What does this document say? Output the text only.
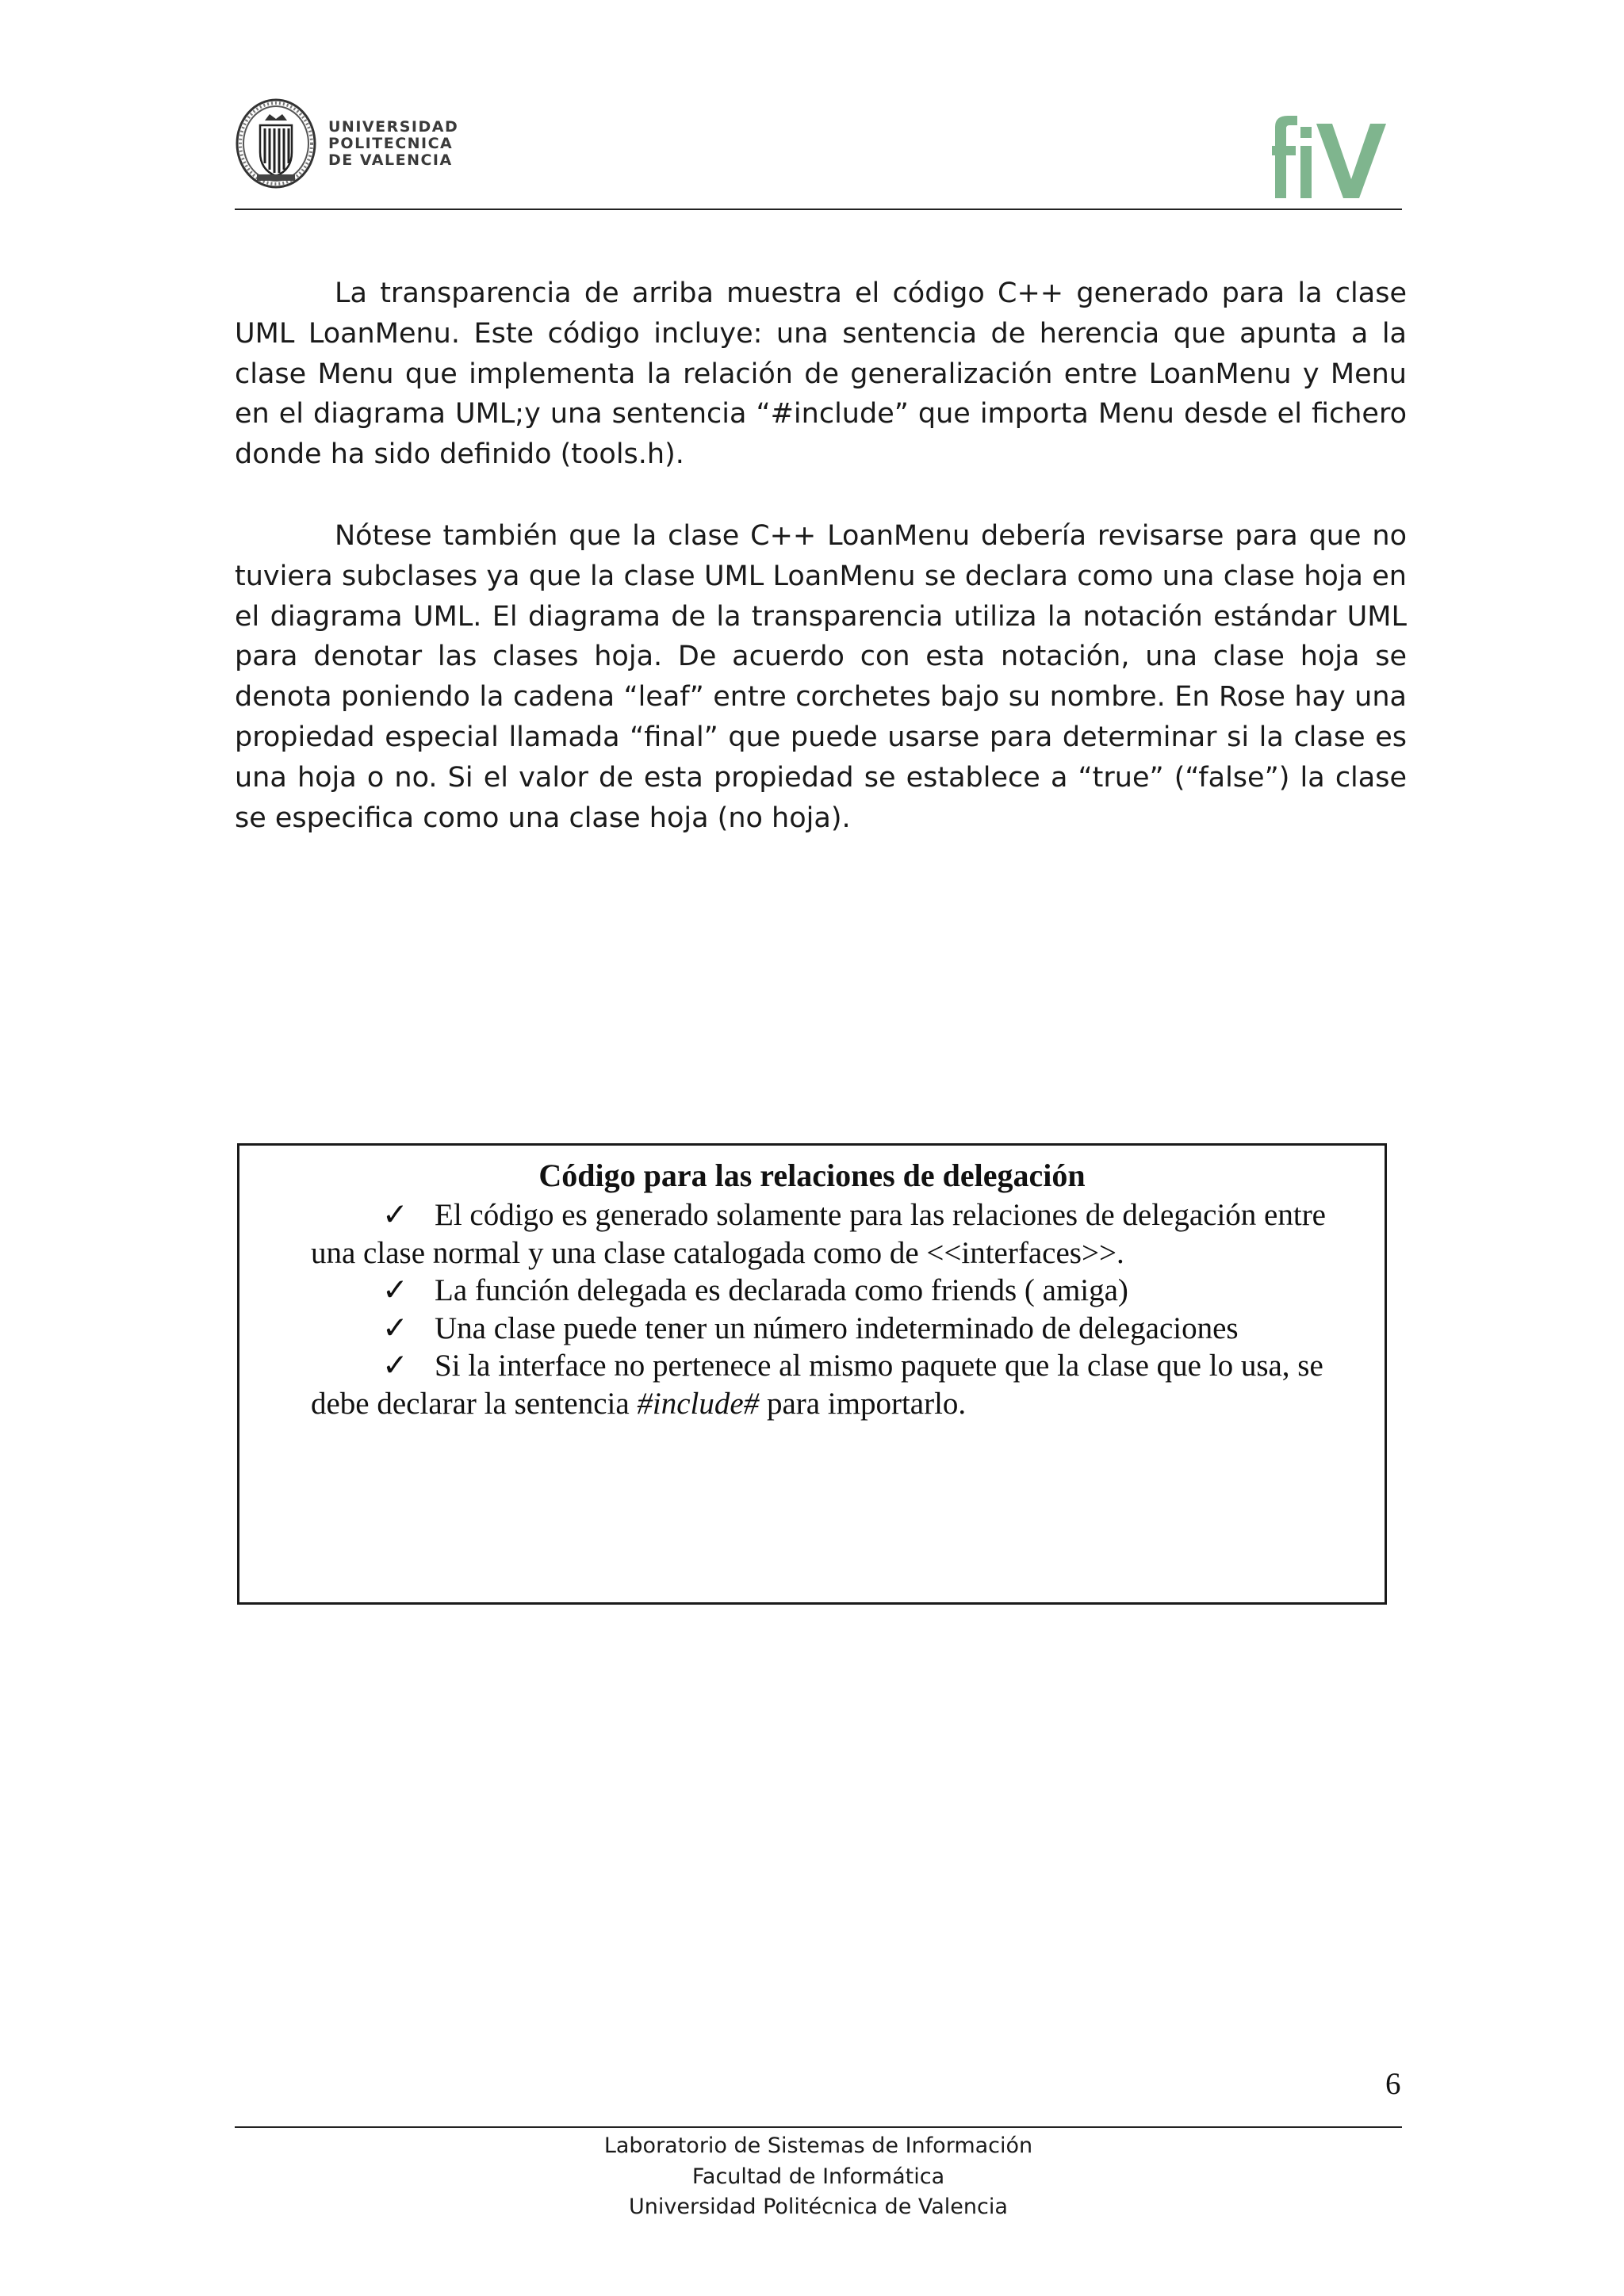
UNIVERSIDAD
POLITECNICA
DE VALENCIA

La transparencia de arriba muestra el código C++ generado para la clase UML LoanMenu. Este código incluye: una sentencia de herencia que apunta a la clase Menu que implementa la relación de generalización entre LoanMenu y Menu en el diagrama UML;y una sentencia “#include” que importa Menu desde el fichero donde ha sido definido (tools.h).

Nótese también que la clase C++ LoanMenu debería revisarse para que no tuviera subclases ya que la clase UML LoanMenu se declara como una clase hoja en el diagrama UML. El diagrama de la transparencia utiliza la notación estándar UML para denotar las clases hoja. De acuerdo con esta notación, una clase hoja se denota poniendo la cadena “leaf” entre corchetes bajo su nombre. En Rose hay una propiedad especial llamada “final” que puede usarse para determinar si la clase es una hoja o no. Si el valor de esta propiedad se establece a “true” (“false”) la clase se especifica como una clase hoja (no hoja).

Código para las relaciones de delegación
✓ El código es generado solamente para las relaciones de delegación entre una clase normal y una clase catalogada como de <<interfaces>>.
✓ La función delegada es declarada como friends ( amiga)
✓ Una clase puede tener un número indeterminado de delegaciones
✓ Si la interface no pertenece al mismo paquete que la clase que lo usa, se debe declarar la sentencia #include# para importarlo.
6
Laboratorio de Sistemas de Información
Facultad de Informática
Universidad Politécnica de Valencia
